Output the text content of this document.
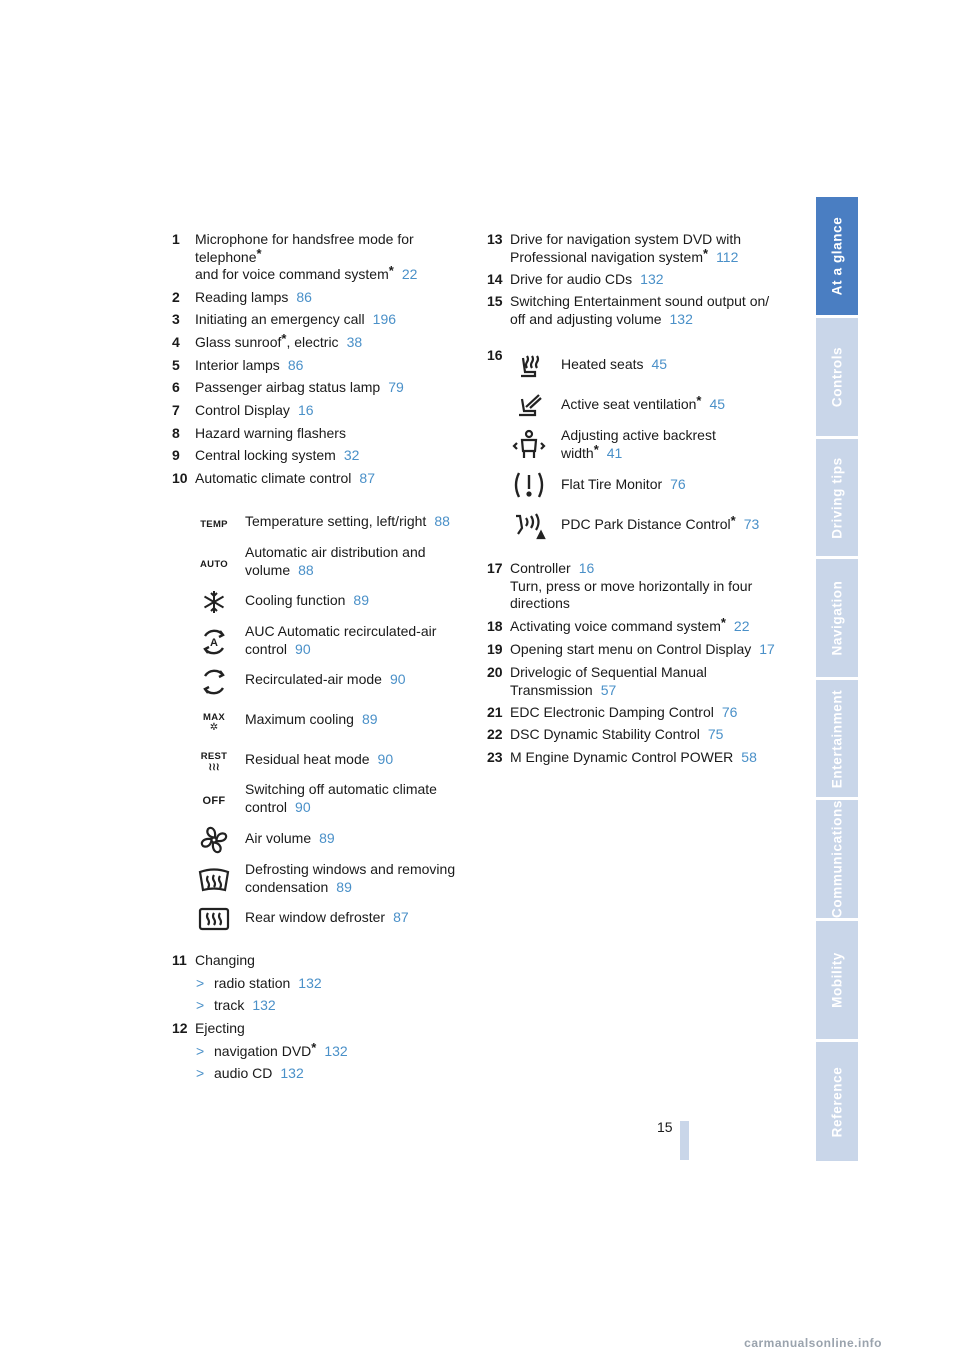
1 Microphone for handsfree mode for
telephone*
and for voice command system* 22
2 Reading lamps 86
3 Initiating an emergency call 196
4 Glass sunroof*, electric 38
5 Interior lamps 86
6 Passenger airbag status lamp 79
7 Control Display 16
8 Hazard warning flashers
9 Central locking system 32
10 Automatic climate control 87
TEMP Temperature setting, left/right 88
AUTO
Automatic air distribution and
volume 88
Cooling function 89
A
AUC Automatic recirculated-air
control 90
Recirculated-air mode 90
MAX
✲ Maximum cooling 89
REST
≀≀≀
Residual heat mode 90
OFF
Switching off automatic climate
control 90
Air volume 89
Defrosting windows and removing
condensation 89
Rear window defroster 87
11 Changing
> radio station 132
> track 132
12 Ejecting
> navigation DVD* 132
> audio CD 132
13 Drive for navigation system DVD with
Professional navigation system* 112
14 Drive for audio CDs 132
15 Switching Entertainment sound output on/
off and adjusting volume 132
16
Heated seats 45
Active seat ventilation* 45
Adjusting active backrest
width* 41
Flat Tire Monitor 76
PDC Park Distance Control* 73
17 Controller 16
Turn, press or move horizontally in four
directions
18 Activating voice command system* 22
19 Opening start menu on Control Display 17
20 Drivelogic of Sequential Manual
Transmission 57
21 EDC Electronic Damping Control 76
22 DSC Dynamic Stability Control 75
23 M Engine Dynamic Control POWER 58
At a glance
Controls
Driving tips
Navigation
Entertainment
Communications
Mobility
Reference
15
carmanualsonline.info
